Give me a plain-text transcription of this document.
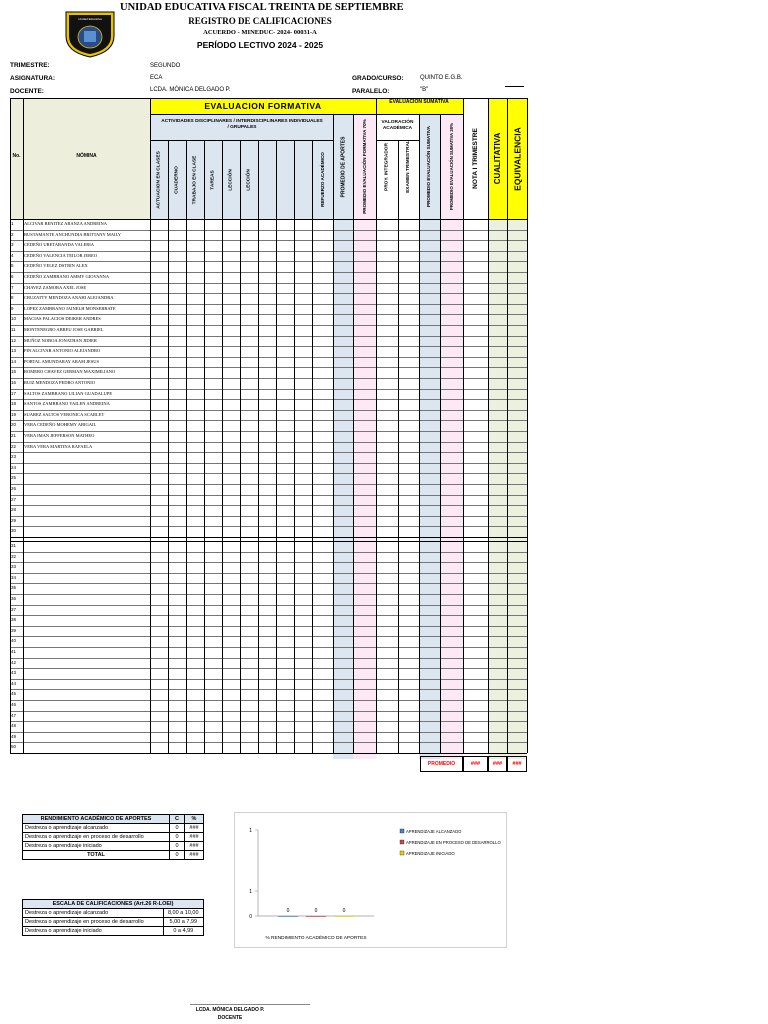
Unidad Educativa
UNIDAD EDUCATIVA FISCAL TREINTA DE SEPTIEMBRE
REGISTRO DE CALIFICACIONES
ACUERDO - MINEDUC- 2024- 00031-A
PERÍODO LECTIVO 2024 - 2025
TRIMESTRE:	SEGUNDO
ASIGNATURA:	ECA
DOCENTE:	LCDA. MÓNICA DELGADO P.
GRADO/CURSO:	QUINTO E.G.B.
PARALELO:	"B"
No.	NÓMINA
EVALUACION FORMATIVA	EVALUACION SUMATIVA
ACTIVIDADES DISCIPLINARES / INTERDISCIPLINARES INDIVIDUALES / GRUPALES
VALORACIÓN ACADÉMICA
ACTUACION EN CLASES	CUADERNO	TRABAJO EN CLASE	TAREAS	LECCIÓN	LECCIÓN	REFUERZO ACADÉMICO	PROMEDIO DE APORTES	PROMEDIO EVALUACIÓN FORMATIVA 70%	PROY. INTEGRADOR	EXAMEN TRIMESTRAL	PROMEDIO EVALUACIÓN SUMATIVA	PROMEDIO EVALUACIÓN SUMATIVA 30%	NOTA I TRIMESTRE	CUALITATIVA	EQUIVALENCIA
1	ALCIVAR BENITEZ ARANZA ANDREINA
2	BUSTAMANTE ANCHUNDIA BRITTANY MAILY
3	CEDEÑO URETABANDA VALERIA
4	CEDEÑO VALENCIA TEILOR JEREO
5	CEDEÑO VELEZ DSTBIN ALEX
6	CEDEÑO ZAMBRANO AMMY GIOVANNA
7	CHAVEZ ZAMORA AXEL JOSE
8	CRUZATTY MENDOZA ANAHI ALEJANDRA
9	LOPEZ ZAMBRANO JAINELH MONSERRATE
10	MACIAS PALACIOS DEIKER ANDRES
11	MONTENEGRO ABREU JOSE GABRIEL
12	MUÑOZ NOBOA JONATHAN JIDIER
13	PIN ALCIVAR ANTONIO ALEJANDRO
14	PORTAL AMUNDARAY ARAM JESUS
15	ROMERO CHAVEZ GERMAN MAXIMILIANO
16	RUIZ MENDOZA PEDRO ANTONIO
17	SALTOS ZAMBRANO LILIAN GUADALUPE
18	SANTOS ZAMBRANO YAILEN ANDREINA
19	SUAREZ SALTOS VERONICA SCARLET
20	VERA CEDEÑO MOHEMY ABIGAIL
21	VERA IMAN JEFFERSON MATHEO
22	VERA VERA MARTINA RAFAELA
23
24
25
26
27
28
29
30
31
32
33
34
35
36
37
38
39
40
41
42
43
44
45
46
47
48
49
50
PROMEDIO	###	###	###
RENDIMIENTO ACADÉMICO DE APORTES	C	%
Destreza o aprendizaje alcanzado	0	###
Destreza o aprendizaje en proceso de desarrollo	0	###
Destreza o aprendizaje iniciado	0	###
TOTAL	0	###
ESCALA DE CALIFICACIONES (Art.26 R-LOEI)	
Destreza o aprendizaje alcanzado	8,00 a 10,00
Destreza o aprendizaje en proceso de desarrollo	5,00 a 7,99
Destreza o aprendizaje iniciado	0 a 4,99
1
1
0
0	0	0
% RENDIMIENTO ACADÉMICO DE APORTES
APRENDIZAJE ALCANZADO
APRENDIZAJE EN PROCESO DE DESARROLLO
APRENDIZAJE INICIADO
LCDA. MÓNICA DELGADO P.
DOCENTE
